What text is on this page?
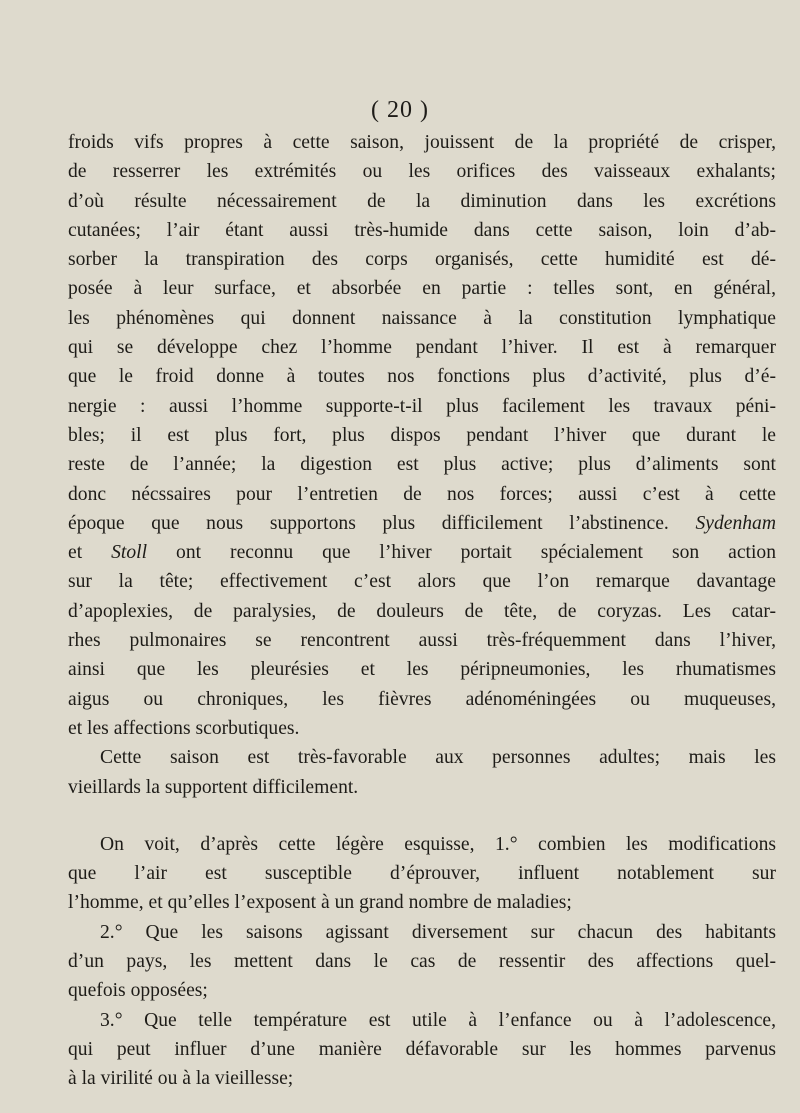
( 20 )
froids vifs propres à cette saison, jouissent de la propriété de crisper,
de resserrer les extrémités ou les orifices des vaisseaux exhalants;
d’où résulte nécessairement de la diminution dans les excrétions
cutanées; l’air étant aussi très-humide dans cette saison, loin d’ab-
sorber la transpiration des corps organisés, cette humidité est dé-
posée à leur surface, et absorbée en partie : telles sont, en général,
les phénomènes qui donnent naissance à la constitution lymphatique
qui se développe chez l’homme pendant l’hiver. Il est à remarquer
que le froid donne à toutes nos fonctions plus d’activité, plus d’é-
nergie : aussi l’homme supporte-t-il plus facilement les travaux péni-
bles; il est plus fort, plus dispos pendant l’hiver que durant le
reste de l’année; la digestion est plus active; plus d’aliments sont
donc nécssaires pour l’entretien de nos forces; aussi c’est à cette
époque que nous supportons plus difficilement l’abstinence. Sydenham
et Stoll ont reconnu que l’hiver portait spécialement son action
sur la tête; effectivement c’est alors que l’on remarque davantage
d’apoplexies, de paralysies, de douleurs de tête, de coryzas. Les catar-
rhes pulmonaires se rencontrent aussi très-fréquemment dans l’hiver,
ainsi que les pleurésies et les péripneumonies, les rhumatismes
aigus ou chroniques, les fièvres adénoméningées ou muqueuses,
et les affections scorbutiques.
Cette saison est très-favorable aux personnes adultes; mais les
vieillards la supportent difficilement.
On voit, d’après cette légère esquisse, 1.° combien les modifications
que l’air est susceptible d’éprouver, influent notablement sur
l’homme, et qu’elles l’exposent à un grand nombre de maladies;
2.° Que les saisons agissant diversement sur chacun des habitants
d’un pays, les mettent dans le cas de ressentir des affections quel-
quefois opposées;
3.° Que telle température est utile à l’enfance ou à l’adolescence,
qui peut influer d’une manière défavorable sur les hommes parvenus
à la virilité ou à la vieillesse;
